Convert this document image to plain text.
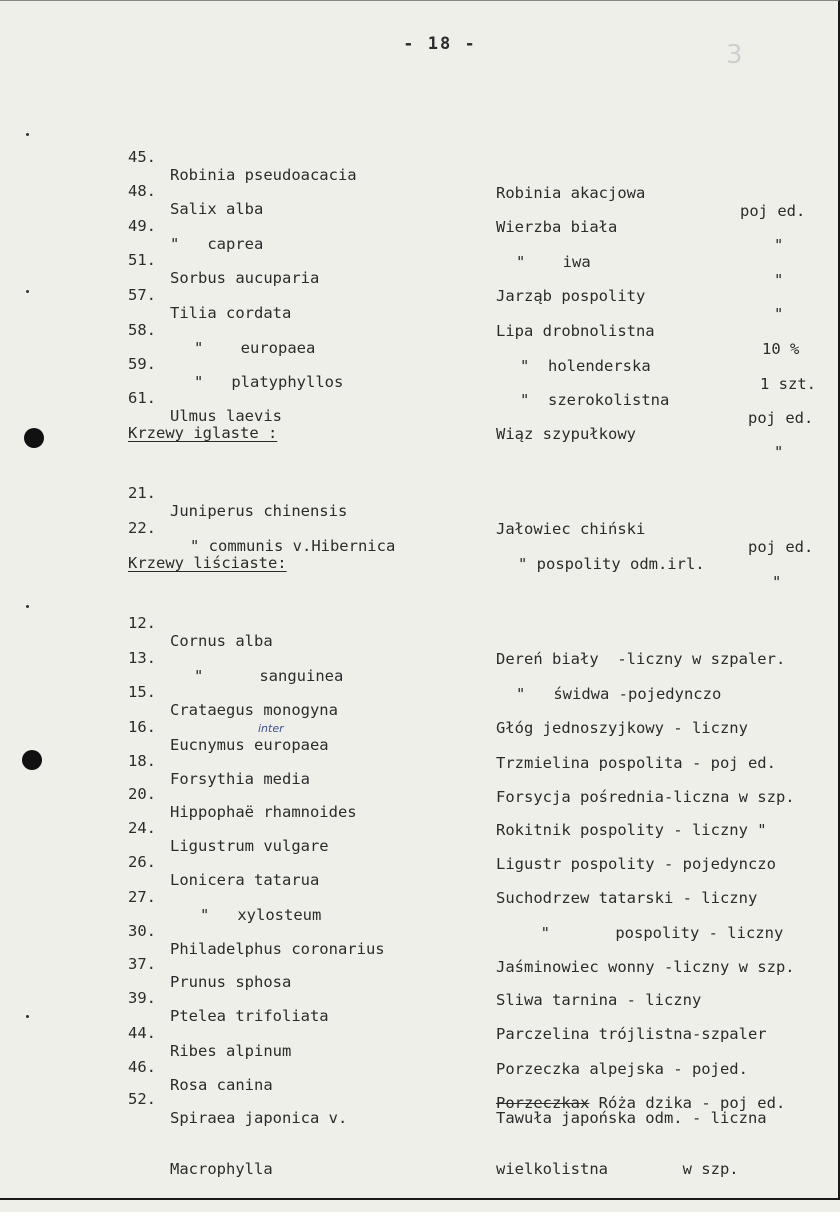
- 18 -	3

45.

Robinia pseudoacacia

Robinia akacjowa

poj ed.

48.

Salix alba

Wierzba biała

"

49.

"   caprea

"    iwa

"

51.

Sorbus aucuparia

Jarząb pospolity

"

57.

Tilia cordata

Lipa drobnolistna

10 %

58.

"    europaea

"  holenderska

1 szt.

59.

"   platyphyllos

"  szerokolistna

poj ed.

61.

Ulmus laevis

Wiąz szypułkowy

"

Krzewy iglaste :

21.

Juniperus chinensis

Jałowiec chiński

poj ed.

22.

" communis v.Hibernica

" pospolity odm.irl.

"

Krzewy liściaste:

12.

Cornus alba

Dereń biały  -liczny w szpaler.

13.

"      sanguinea

"   świdwa -pojedynczo

15.

Crataegus monogyna

Głóg jednoszyjkowy - liczny

16.

Eucnymus europaea

Trzmielina pospolita - poj ed.

18.

Forsythia media

Forsycja pośrednia-liczna w szp.

inter

20.

Hippophaë rhamnoides

Rokitnik pospolity - liczny "

24.

Ligustrum vulgare

Ligustr pospolity - pojedynczo

26.

Lonicera tatarua

Suchodrzew tatarski - liczny

27.

"   xylosteum

"       pospolity - liczny

30.

Philadelphus coronarius

Jaśminowiec wonny -liczny w szp.

37.

Prunus sphosa

Sliwa tarnina - liczny

39.

Ptelea trifoliata

Parczelina trójlistna-szpaler

44.

Ribes alpinum

Porzeczka alpejska - pojed.

46.

Rosa canina

Porzeczkax Róża dzika - poj ed.

52.

Spiraea japonica v.

Macrophylla

Tawuła japońska odm. - liczna

wielkolistna        w szp.
